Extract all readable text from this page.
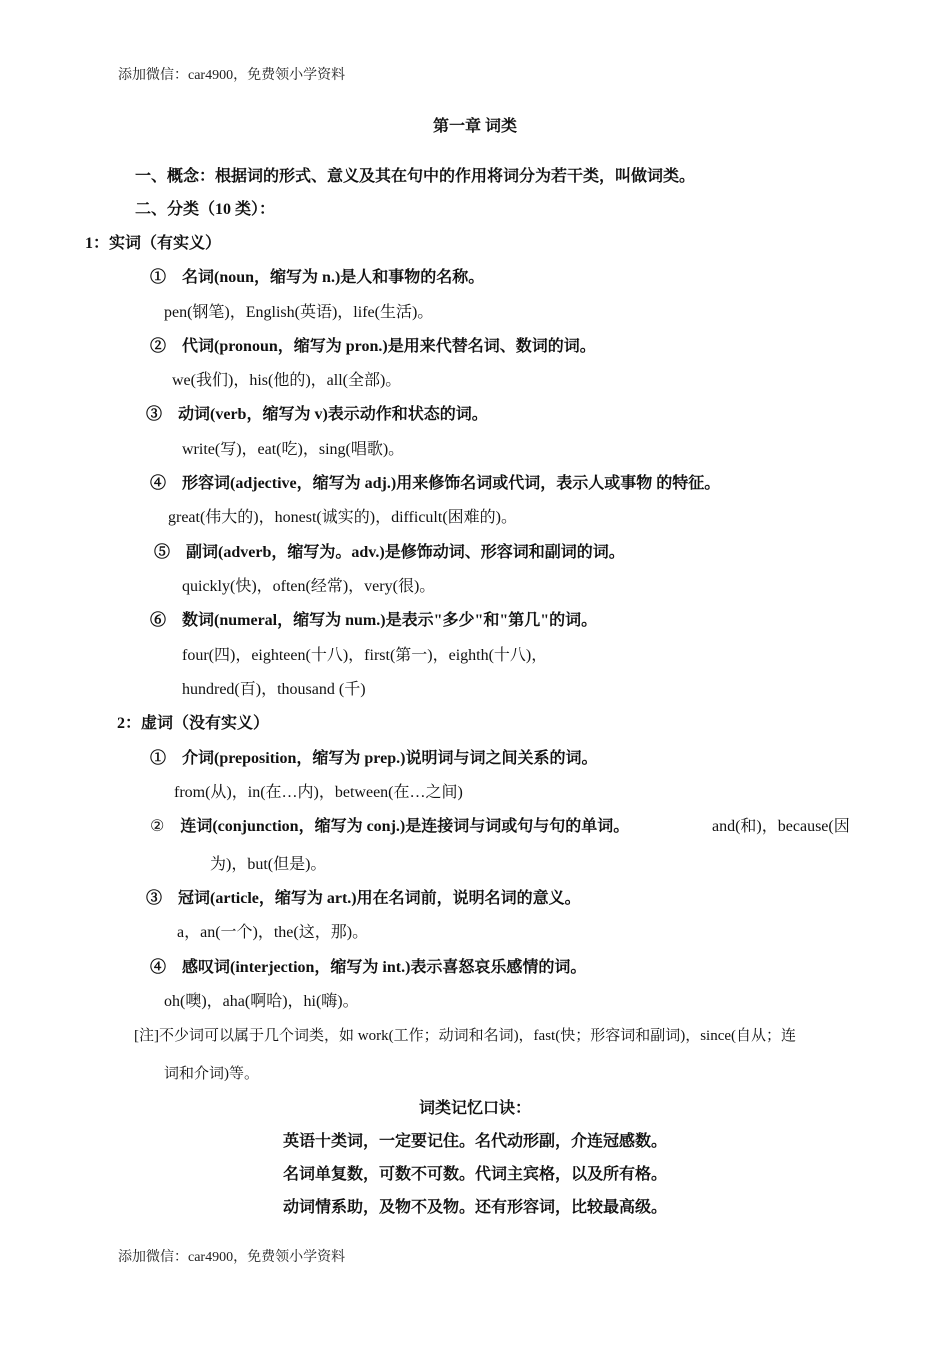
添加微信：car4900，免费领小学资料
第一章 词类
一、概念：根据词的形式、意义及其在句中的作用将词分为若干类，叫做词类。
二、分类（10 类）：
1：实词（有实义）
① 名词(noun，缩写为 n.)是人和事物的名称。
pen(钢笔)，English(英语)，life(生活)。
② 代词(pronoun，缩写为 pron.)是用来代替名词、数词的词。
we(我们)，his(他的)，all(全部)。
③ 动词(verb，缩写为 v)表示动作和状态的词。
write(写)，eat(吃)，sing(唱歌)。
④ 形容词(adjective，缩写为 adj.)用来修饰名词或代词，表示人或事物 的特征。
great(伟大的)，honest(诚实的)，difficult(困难的)。
⑤ 副词(adverb，缩写为。adv.)是修饰动词、形容词和副词的词。
quickly(快)，often(经常)，very(很)。
⑥ 数词(numeral，缩写为 num.)是表示"多少"和"第几"的词。
four(四)，eighteen(十八)，first(第一)，eighth(十八)，
hundred(百)，thousand (千)
2：虚词（没有实义）
① 介词(preposition，缩写为 prep.)说明词与词之间关系的词。
from(从)，in(在…内)，between(在…之间)
② 连词(conjunction，缩写为 conj.)是连接词与词或句与句的单词。	and(和)，because(因
为)，but(但是)。
③ 冠词(article，缩写为 art.)用在名词前，说明名词的意义。
a，an(一个)，the(这，那)。
④ 感叹词(interjection，缩写为 int.)表示喜怒哀乐感情的词。
oh(噢)，aha(啊哈)，hi(嗨)。
[注]不少词可以属于几个词类，如 work(工作；动词和名词)，fast(快；形容词和副词)，since(自从；连
词和介词)等。
词类记忆口诀：
英语十类词，一定要记住。名代动形副，介连冠感数。
名词单复数，可数不可数。代词主宾格，以及所有格。
动词情系助，及物不及物。还有形容词，比较最高级。
添加微信：car4900，免费领小学资料
